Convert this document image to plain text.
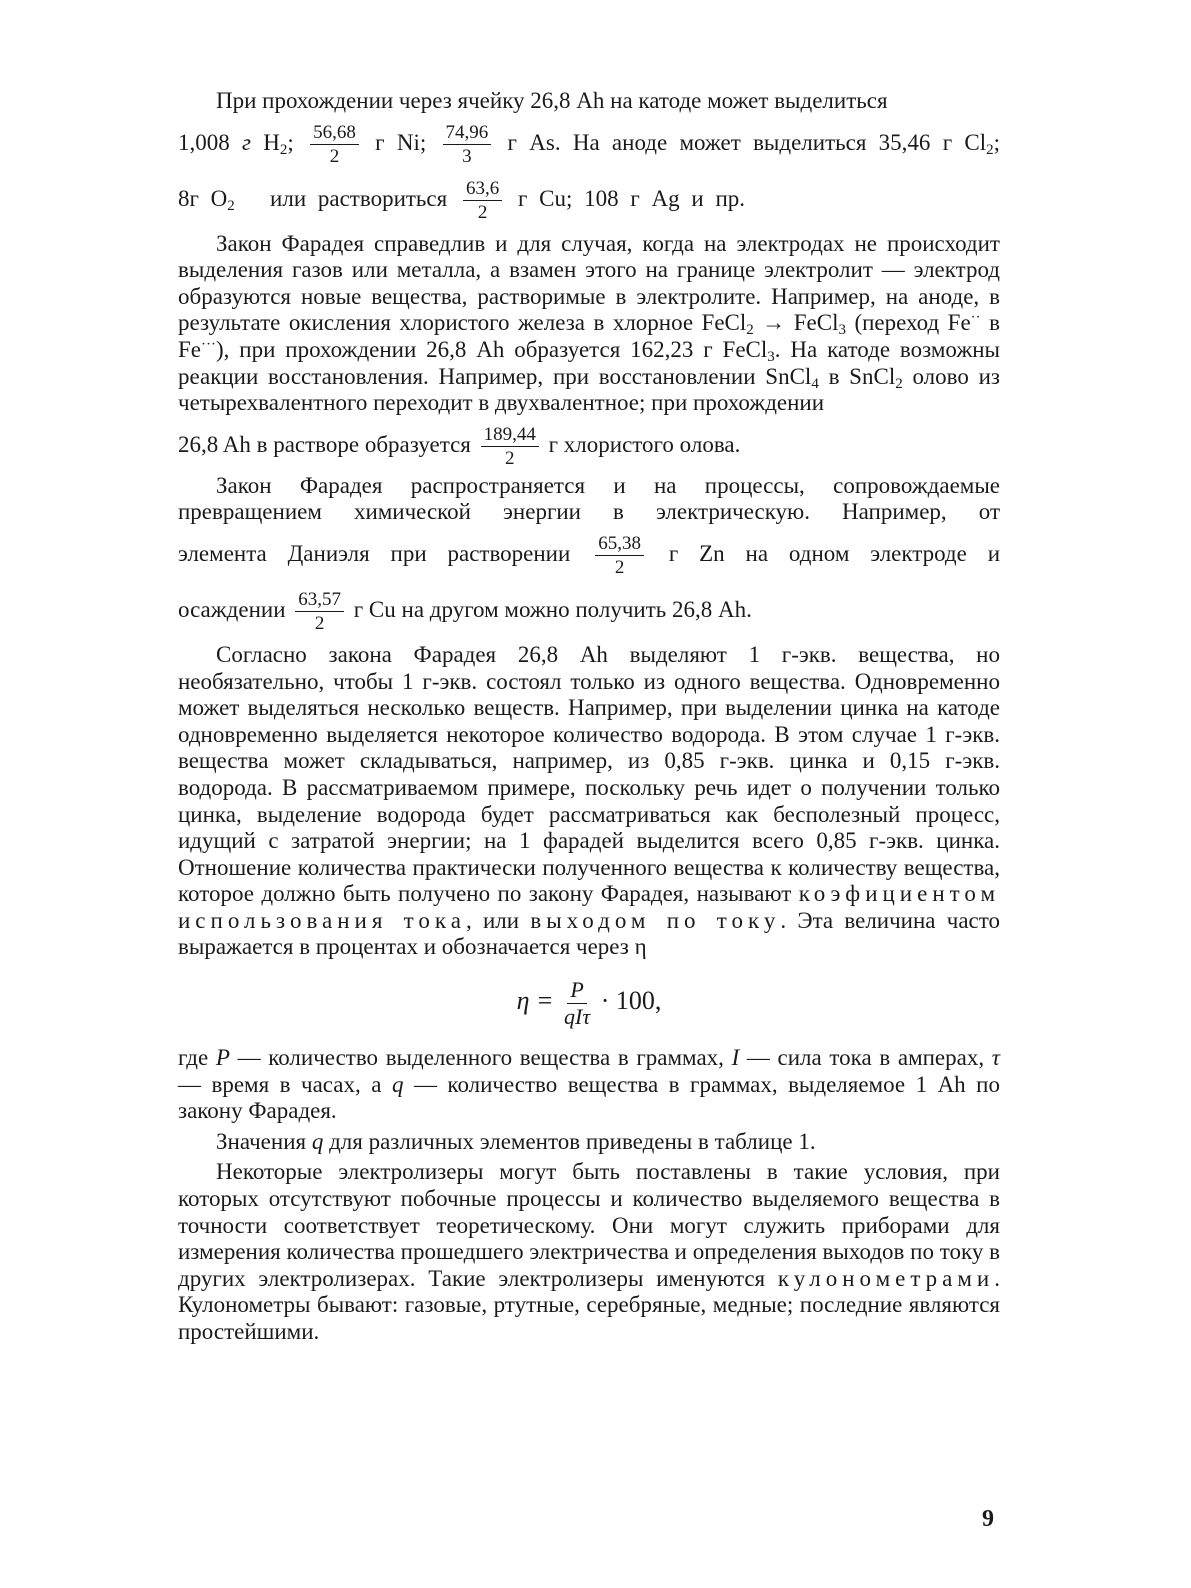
При прохождении через ячейку 26,8 Ah на катоде может выделиться

1,008 г $H_2$; $\frac{56,68}{2}$ г Ni; $\frac{74,96}{3}$ г As. На аноде может выделиться 35,46 г $Cl_2$;
8г $O_2$ или раствориться $\frac{63,6}{2}$ г Cu; 108 г Ag и пр.

Закон Фарадея справедлив и для случая, когда на электродах не происходит выделения газов или металла, а взамен этого на границе электролит — электрод образуются новые вещества, растворимые в электролите. Например, на аноде, в результате окисления хлористого железа в хлорное FeCl$_2$ → FeCl$_3$ (переход Fe·· в Fe···), при прохождении 26,8 Ah образуется 162,23 г FeCl$_3$. На катоде возможны реакции восстановления. Например, при восстановлении SnCl$_4$ в SnCl$_2$ олово из четырехвалентного переходит в двухвалентное; при прохождении

26,8 Ah в растворе образуется $\frac{189,44}{2}$ г хлористого олова.

Закон Фарадея распространяется и на процессы, сопровождаемые превращением химической энергии в электрическую. Например, от

элемента Даниэля при растворении $\frac{65,38}{2}$ г Zn на одном электроде и
осаждении $\frac{63,57}{2}$ г Cu на другом можно получить 26,8 Ah.

Согласно закона Фарадея 26,8 Ah выделяют 1 г-экв. вещества, но необязательно, чтобы 1 г-экв. состоял только из одного вещества. Одновременно может выделяться несколько веществ. Например, при выделении цинка на катоде одновременно выделяется некоторое количество водорода. В этом случае 1 г-экв. вещества может складываться, например, из 0,85 г-экв. цинка и 0,15 г-экв. водорода. В рассматриваемом примере, поскольку речь идет о получении только цинка, выделение водорода будет рассматриваться как бесполезный процесс, идущий с затратой энергии; на 1 фарадей выделится всего 0,85 г-экв. цинка. Отношение количества практически полученного вещества к количеству вещества, которое должно быть получено по закону Фарадея, называют коэфициентом использования тока, или выходом по току. Эта величина часто выражается в процентах и обозначается через η

$\eta = \frac{P}{\text{qIτ}} \cdot 100$,

где P — количество выделенного вещества в граммах, I — сила тока в амперах, τ — время в часах, а q — количество вещества в граммах, выделяемое 1 Ah по закону Фарадея.

Значения q для различных элементов приведены в таблице 1.

Некоторые электролизеры могут быть поставлены в такие условия, при которых отсутствуют побочные процессы и количество выделяемого вещества в точности соответствует теоретическому. Они могут служить приборами для измерения количества прошедшего электричества и определения выходов по току в других электролизерах. Такие электролизеры именуются кулонометрами. Кулонометры бывают: газовые, ртутные, серебряные, медные; последние являются простейшими.

9
